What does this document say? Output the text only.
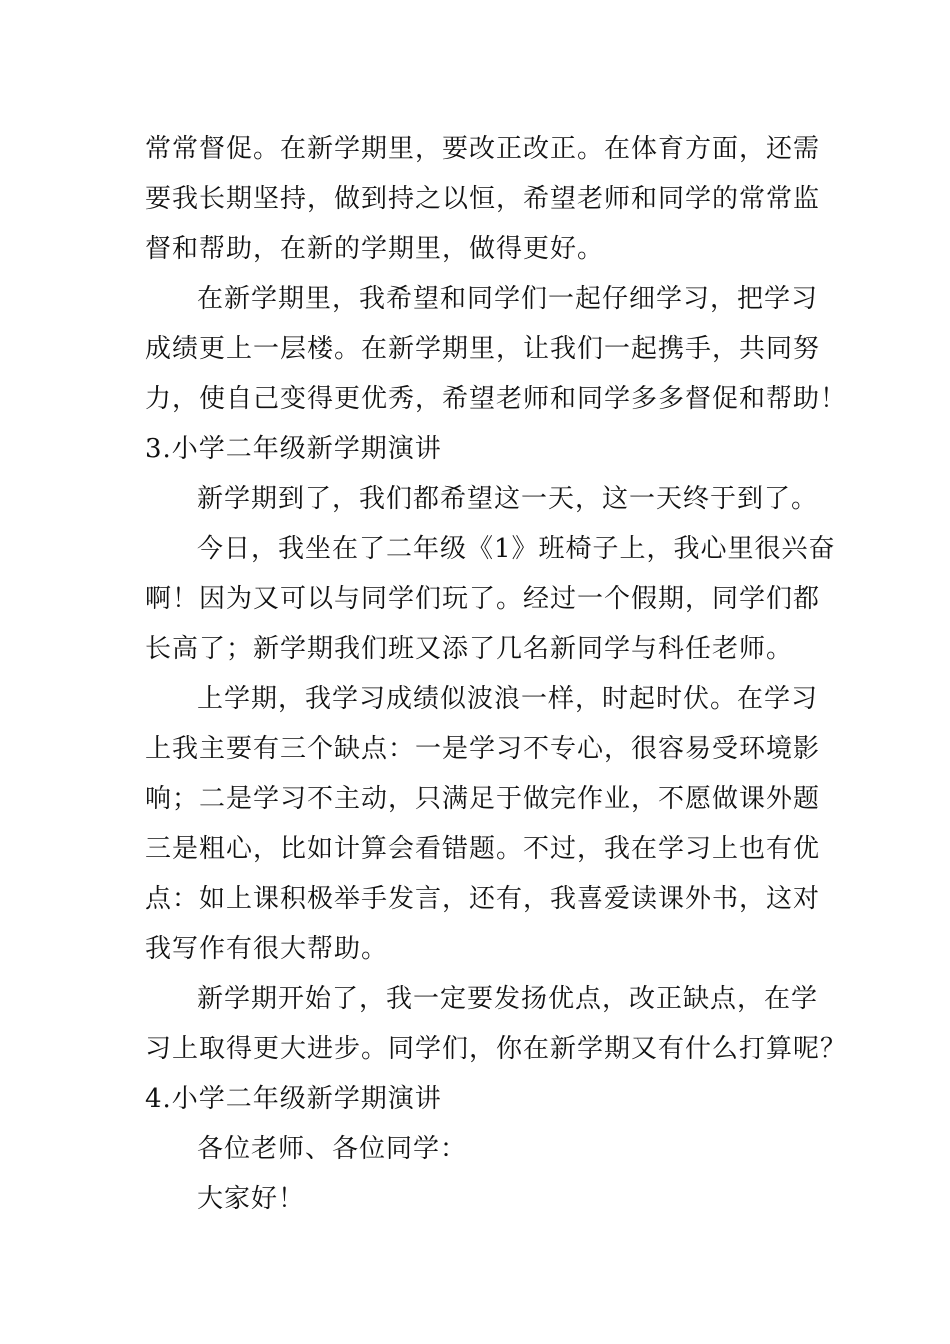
常常督促。在新学期里，要改正改正。在体育方面，还需
要我长期坚持，做到持之以恒，希望老师和同学的常常监
督和帮助，在新的学期里，做得更好。
在新学期里，我希望和同学们一起仔细学习，把学习
成绩更上一层楼。在新学期里，让我们一起携手，共同努
力，使自己变得更优秀，希望老师和同学多多督促和帮助！
3.小学二年级新学期演讲
新学期到了，我们都希望这一天，这一天终于到了。
今日，我坐在了二年级《1》班椅子上，我心里很兴奋
啊！因为又可以与同学们玩了。经过一个假期，同学们都
长高了；新学期我们班又添了几名新同学与科任老师。
上学期，我学习成绩似波浪一样，时起时伏。在学习
上我主要有三个缺点：一是学习不专心，很容易受环境影
响；二是学习不主动，只满足于做完作业，不愿做课外题
三是粗心，比如计算会看错题。不过，我在学习上也有优
点：如上课积极举手发言，还有，我喜爱读课外书，这对
我写作有很大帮助。
新学期开始了，我一定要发扬优点，改正缺点，在学
习上取得更大进步。同学们，你在新学期又有什么打算呢？
4.小学二年级新学期演讲
各位老师、各位同学：
大家好！
